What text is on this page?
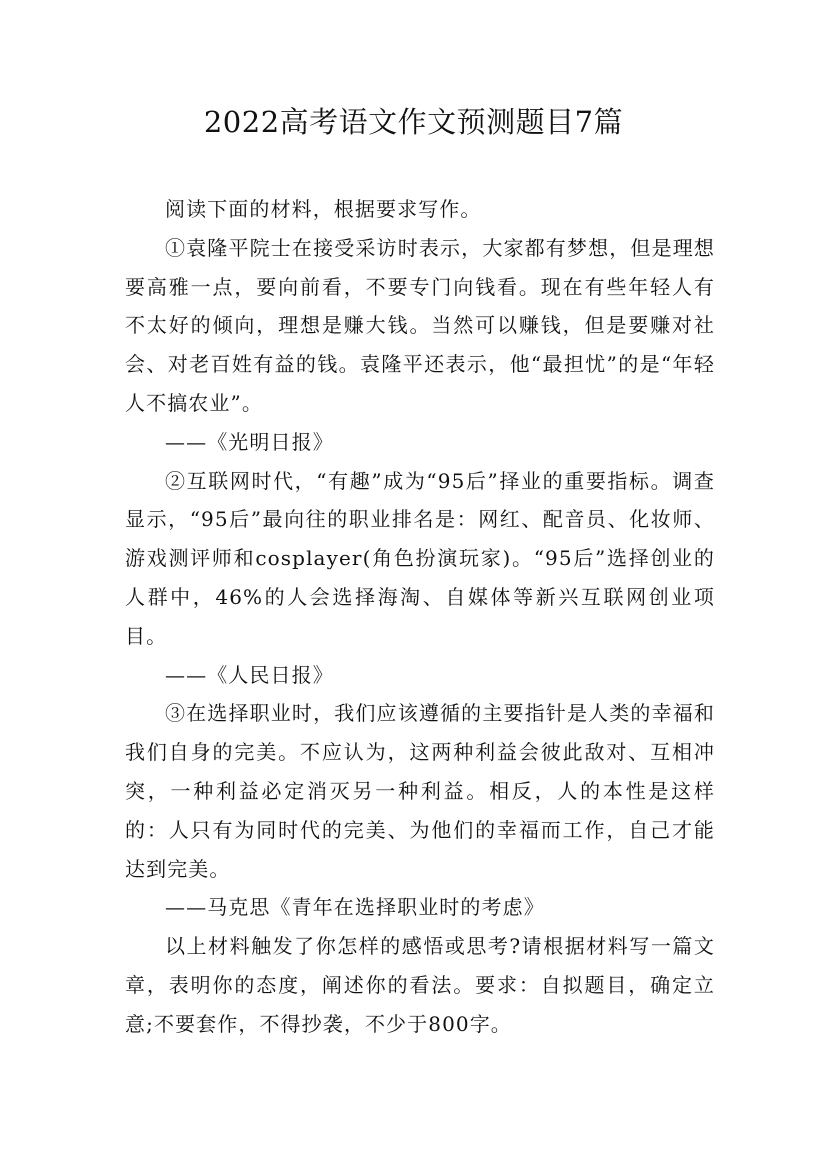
2022高考语文作文预测题目7篇

阅读下面的材料，根据要求写作。

①袁隆平院士在接受采访时表示，大家都有梦想，但是理想要高雅一点，要向前看，不要专门向钱看。现在有些年轻人有不太好的倾向，理想是赚大钱。当然可以赚钱，但是要赚对社会、对老百姓有益的钱。袁隆平还表示，他“最担忧”的是“年轻人不搞农业”。

——《光明日报》

②互联网时代，“有趣”成为“95后”择业的重要指标。调查显示，“95后”最向往的职业排名是：网红、配音员、化妆师、游戏测评师和cosplayer(角色扮演玩家)。“95后”选择创业的人群中，46%的人会选择海淘、自媒体等新兴互联网创业项目。

——《人民日报》

③在选择职业时，我们应该遵循的主要指针是人类的幸福和我们自身的完美。不应认为，这两种利益会彼此敌对、互相冲突，一种利益必定消灭另一种利益。相反，人的本性是这样的：人只有为同时代的完美、为他们的幸福而工作，自己才能达到完美。

——马克思《青年在选择职业时的考虑》

以上材料触发了你怎样的感悟或思考?请根据材料写一篇文章，表明你的态度，阐述你的看法。要求：自拟题目，确定立意;不要套作，不得抄袭，不少于800字。
